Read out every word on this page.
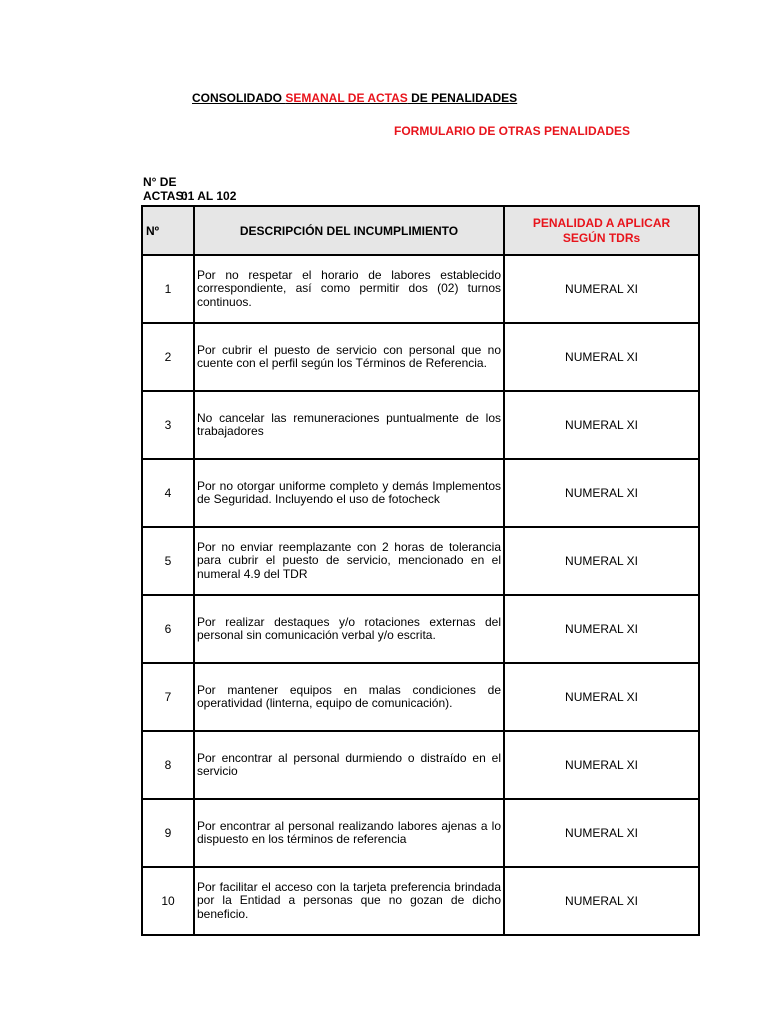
CONSOLIDADO SEMANAL DE ACTAS DE PENALIDADES
FORMULARIO DE OTRAS PENALIDADES
N° DE
ACTAS:
01 AL 102
Nº	DESCRIPCIÓN DEL INCUMPLIMIENTO	PENALIDAD A APLICAR
SEGÚN TDRs

1	Por no respetar el horario de labores establecido correspondiente, así como permitir dos (02) turnos continuos.	NUMERAL XI
2	Por cubrir el puesto de servicio con personal que no cuente con el perfil según los Términos de Referencia.	NUMERAL XI
3	No cancelar las remuneraciones puntualmente de los trabajadores	NUMERAL XI
4	Por no otorgar uniforme completo y demás Implementos de Seguridad. Incluyendo el uso de fotocheck	NUMERAL XI
5	Por no enviar reemplazante con 2 horas de tolerancia para cubrir el puesto de servicio, mencionado en el numeral 4.9 del TDR	NUMERAL XI
6	Por realizar destaques y/o rotaciones externas del personal sin comunicación verbal y/o escrita.	NUMERAL XI
7	Por mantener equipos en malas condiciones de operatividad (linterna, equipo de comunicación).	NUMERAL XI
8	Por encontrar al personal durmiendo o distraído en el servicio	NUMERAL XI
9	Por encontrar al personal realizando labores ajenas a lo dispuesto en los términos de referencia	NUMERAL XI
10	Por facilitar el acceso con la tarjeta preferencia brindada por la Entidad a personas que no gozan de dicho beneficio.	NUMERAL XI
